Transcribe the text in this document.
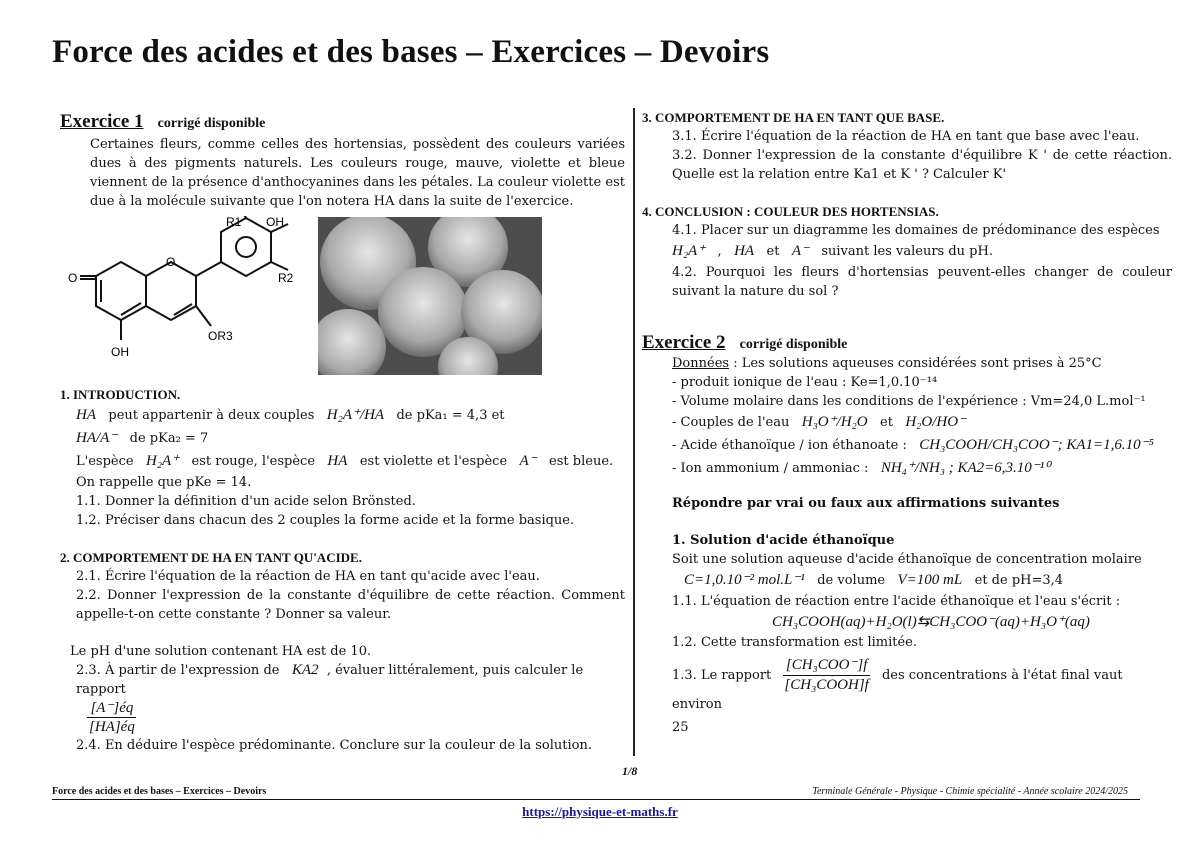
Force des acides et des bases – Exercices – Devoirs
Exercice 1 corrigé disponible
Certaines fleurs, comme celles des hortensias, possèdent des couleurs variées dues à des pigments naturels. Les couleurs rouge, mauve, violette et bleue viennent de la présence d'anthocyanines dans les pétales. La couleur violette est due à la molécule suivante que l'on notera HA dans la suite de l'exercice.
O
O
OH
OR3
OH
R2
R1
1. INTRODUCTION.
HA peut appartenir à deux couples H₂A⁺/HA de pKa₁ = 4,3 et
HA/A⁻ de pKa₂ = 7
L'espèce H₂A⁺ est rouge, l'espèce HA est violette et l'espèce A⁻ est bleue.
On rappelle que pKe = 14.
1.1. Donner la définition d'un acide selon Brönsted.
1.2. Préciser dans chacun des 2 couples la forme acide et la forme basique.
2. COMPORTEMENT DE HA EN TANT QU'ACIDE.
2.1. Écrire l'équation de la réaction de HA en tant qu'acide avec l'eau.
2.2. Donner l'expression de la constante d'équilibre de cette réaction. Comment appelle-t-on cette constante ? Donner sa valeur.
Le pH d'une solution contenant HA est de 10.
2.3. À partir de l'expression de KA2 , évaluer littéralement, puis calculer le rapport
$\frac{[A^-]éq}{[HA]éq}$
2.4. En déduire l'espèce prédominante. Conclure sur la couleur de la solution.
3. COMPORTEMENT DE HA EN TANT QUE BASE.
3.1. Écrire l'équation de la réaction de HA en tant que base avec l'eau.
3.2. Donner l'expression de la constante d'équilibre K ' de cette réaction. Quelle est la relation entre Ka1 et K ' ? Calculer K'
4. CONCLUSION : COULEUR DES HORTENSIAS.
4.1. Placer sur un diagramme les domaines de prédominance des espèces
H₂A⁺ , HA et A⁻ suivant les valeurs du pH.
4.2. Pourquoi les fleurs d'hortensias peuvent-elles changer de couleur suivant la nature du sol ?
Exercice 2 corrigé disponible
Données : Les solutions aqueuses considérées sont prises à 25°C
- produit ionique de l'eau : Ke=1,0.10⁻¹⁴
- Volume molaire dans les conditions de l'expérience : Vm=24,0 L.mol⁻¹
- Couples de l'eau H₃O⁺/H₂O et H₂O/HO⁻
- Acide éthanoïque / ion éthanoate : CH₃COOH/CH₃COO⁻; KA1=1,6.10⁻⁵
- Ion ammonium / ammoniac : NH₄⁺/NH₃ ; KA2=6,3.10⁻¹⁰
Répondre par vrai ou faux aux affirmations suivantes
1. Solution d'acide éthanoïque
Soit une solution aqueuse d'acide éthanoïque de concentration molaire
C=1,0.10⁻² mol.L⁻¹ de volume V=100 mL et de pH=3,4
1.1. L'équation de réaction entre l'acide éthanoïque et l'eau s'écrit :
CH₃COOH(aq)+H₂O(l)⇆CH₃COO⁻(aq)+H₃O⁺(aq)
1.2. Cette transformation est limitée.
1.3. Le rapport $\frac{\text{[CH₃COO⁻]f}}{\text{[CH₃COOH]f}}$ des concentrations à l'état final vaut environ
25
1/8
Force des acides et des bases – Exercices – Devoirs	Terminale Générale - Physique - Chimie spécialité - Année scolaire 2024/2025
https://physique-et-maths.fr
